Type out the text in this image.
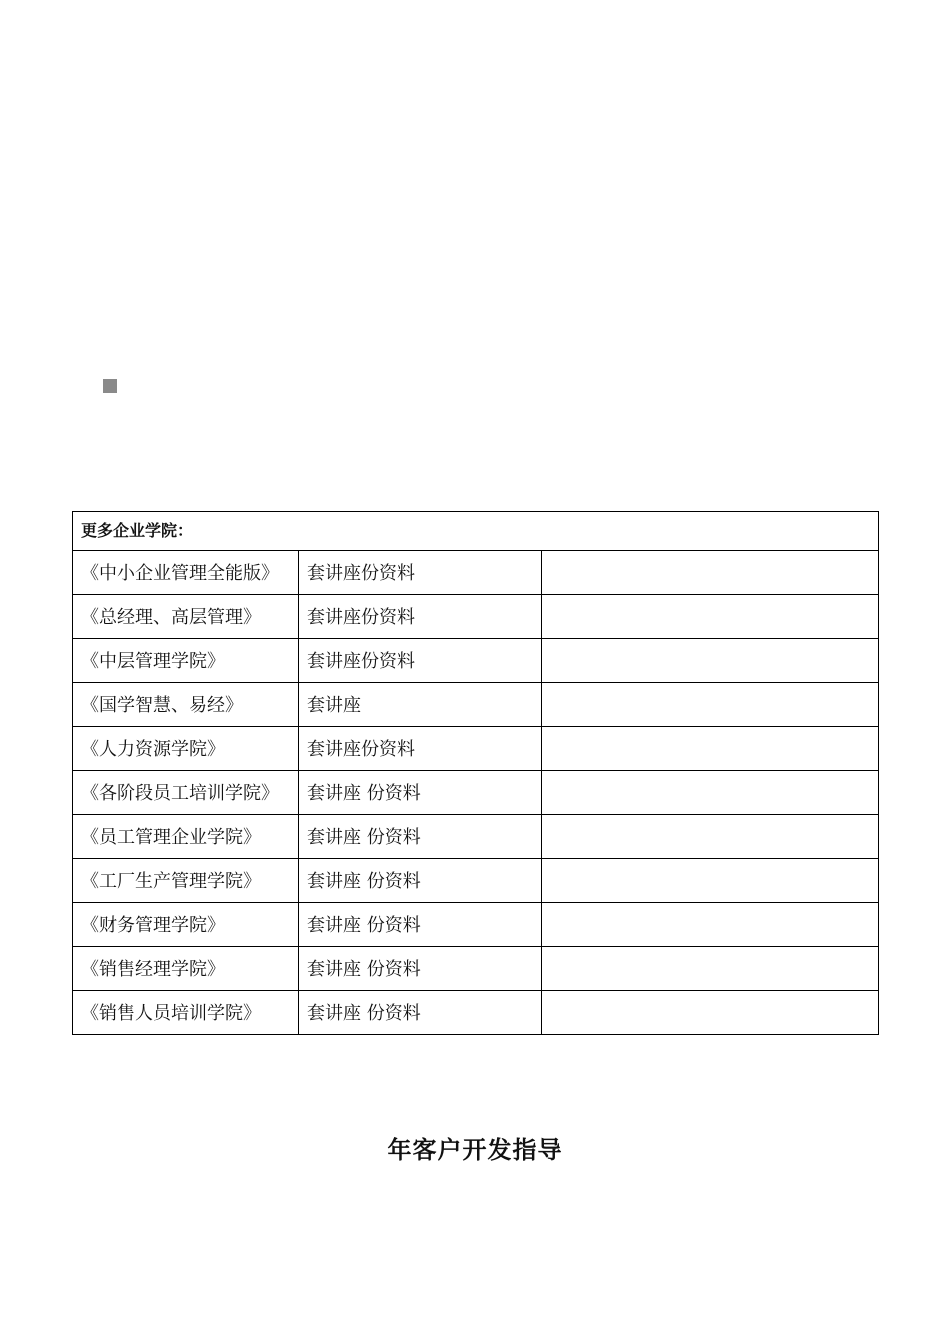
更多企业学院：		
《中小企业管理全能版》	套讲座份资料	
《总经理、高层管理》	套讲座份资料	
《中层管理学院》	套讲座份资料	
《国学智慧、易经》	套讲座	
《人力资源学院》	套讲座份资料	
《各阶段员工培训学院》	套讲座 份资料	
《员工管理企业学院》	套讲座 份资料	
《工厂生产管理学院》	套讲座 份资料	
《财务管理学院》	套讲座 份资料	
《销售经理学院》	套讲座 份资料	
《销售人员培训学院》	套讲座 份资料	
年客户开发指导
